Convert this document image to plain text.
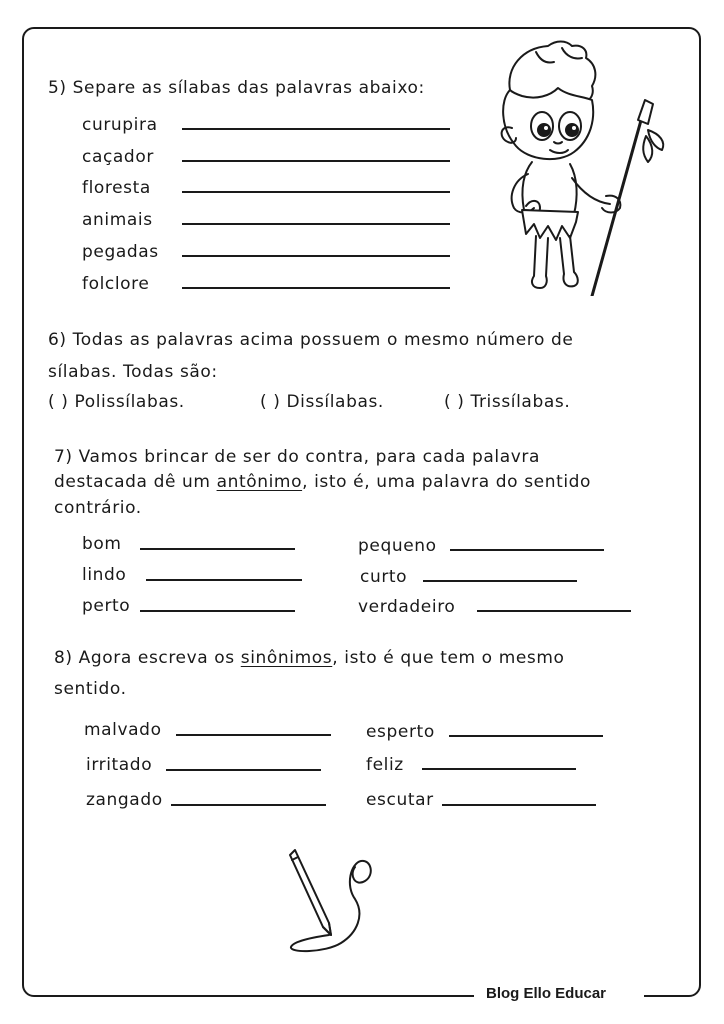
5) Separe as sílabas das palavras abaixo:
curupira
caçador
floresta
animais
pegadas
folclore
6) Todas as palavras acima possuem o mesmo número de
sílabas. Todas são:
( ) Polissílabas.	( ) Dissílabas.	( ) Trissílabas.
7) Vamos brincar de ser do contra, para cada palavra
destacada dê um antônimo, isto é, uma palavra do sentido
contrário.
bom
lindo
perto
pequeno
curto
verdadeiro
8) Agora escreva os sinônimos, isto é que tem o mesmo
sentido.
malvado
irritado
zangado
esperto
feliz
escutar
Blog Ello Educar
